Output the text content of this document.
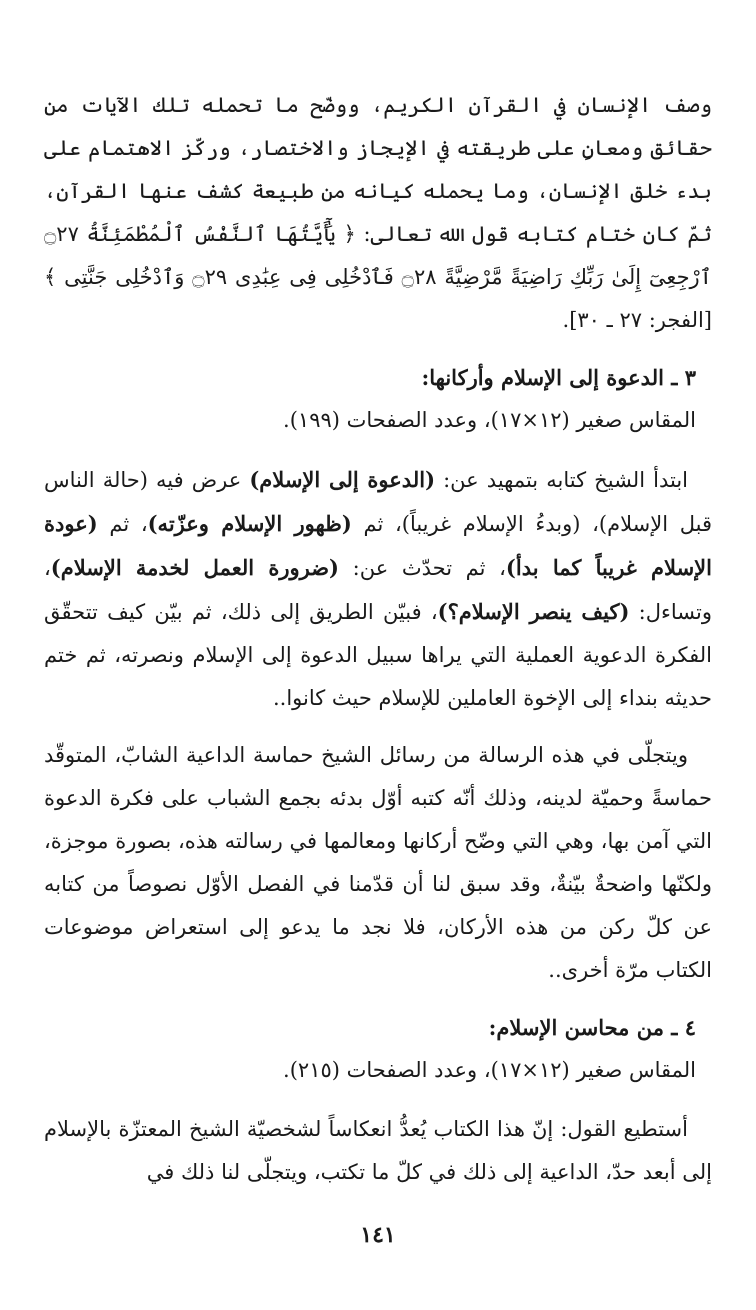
وصف الإنسان في القرآن الكريم، ووضّح ما تحمله تلك الآيات من حقائق ومعانٍ على طريقته في الإيجاز والاختصار، وركّز الاهتمام على بدء خلق الإنسان، وما يحمله كيانه من طبيعة كشف عنها القرآن، ثمّ كان ختام كتابه قول الله تعالى: ﴿ يَٰٓأَيَّتُهَا ٱلنَّفْسُ ٱلْمُطْمَئِنَّةُ ۝٢٧ ٱرْجِعِىٓ إِلَىٰ رَبِّكِ رَاضِيَةً مَّرْضِيَّةً ۝٢٨ فَٱدْخُلِى فِى عِبَٰدِى ۝٢٩ وَٱدْخُلِى جَنَّتِى ﴾ [الفجر: ٢٧ ـ ٣٠].

٣ ـ الدعوة إلى الإسلام وأركانها:
المقاس صغير (١٢×١٧)، وعدد الصفحات (١٩٩).

ابتدأ الشيخ كتابه بتمهيد عن: (الدعوة إلى الإسلام) عرض فيه (حالة الناس قبل الإسلام)، (وبدءُ الإسلام غريباً)، ثم (ظهور الإسلام وعزّته)، ثم (عودة الإسلام غريباً كما بدأ)، ثم تحدّث عن: (ضرورة العمل لخدمة الإسلام)، وتساءل: (كيف ينصر الإسلام؟)، فبيّن الطريق إلى ذلك، ثم بيّن كيف تتحقّق الفكرة الدعوية العملية التي يراها سبيل الدعوة إلى الإسلام ونصرته، ثم ختم حديثه بنداء إلى الإخوة العاملين للإسلام حيث كانوا..

ويتجلّى في هذه الرسالة من رسائل الشيخ حماسة الداعية الشابّ، المتوقّد حماسةً وحميّة لدينه، وذلك أنّه كتبه أوّل بدئه بجمع الشباب على فكرة الدعوة التي آمن بها، وهي التي وضّح أركانها ومعالمها في رسالته هذه، بصورة موجزة، ولكنّها واضحةٌ بيّنةٌ، وقد سبق لنا أن قدّمنا في الفصل الأوّل نصوصاً من كتابه عن كلّ ركن من هذه الأركان، فلا نجد ما يدعو إلى استعراض موضوعات الكتاب مرّة أخرى..

٤ ـ من محاسن الإسلام:
المقاس صغير (١٢×١٧)، وعدد الصفحات (٢١٥).

أستطيع القول: إنّ هذا الكتاب يُعدُّ انعكاساً لشخصيّة الشيخ المعتزّة بالإسلام إلى أبعد حدّ، الداعية إلى ذلك في كلّ ما تكتب، ويتجلّى لنا ذلك في

١٤١
